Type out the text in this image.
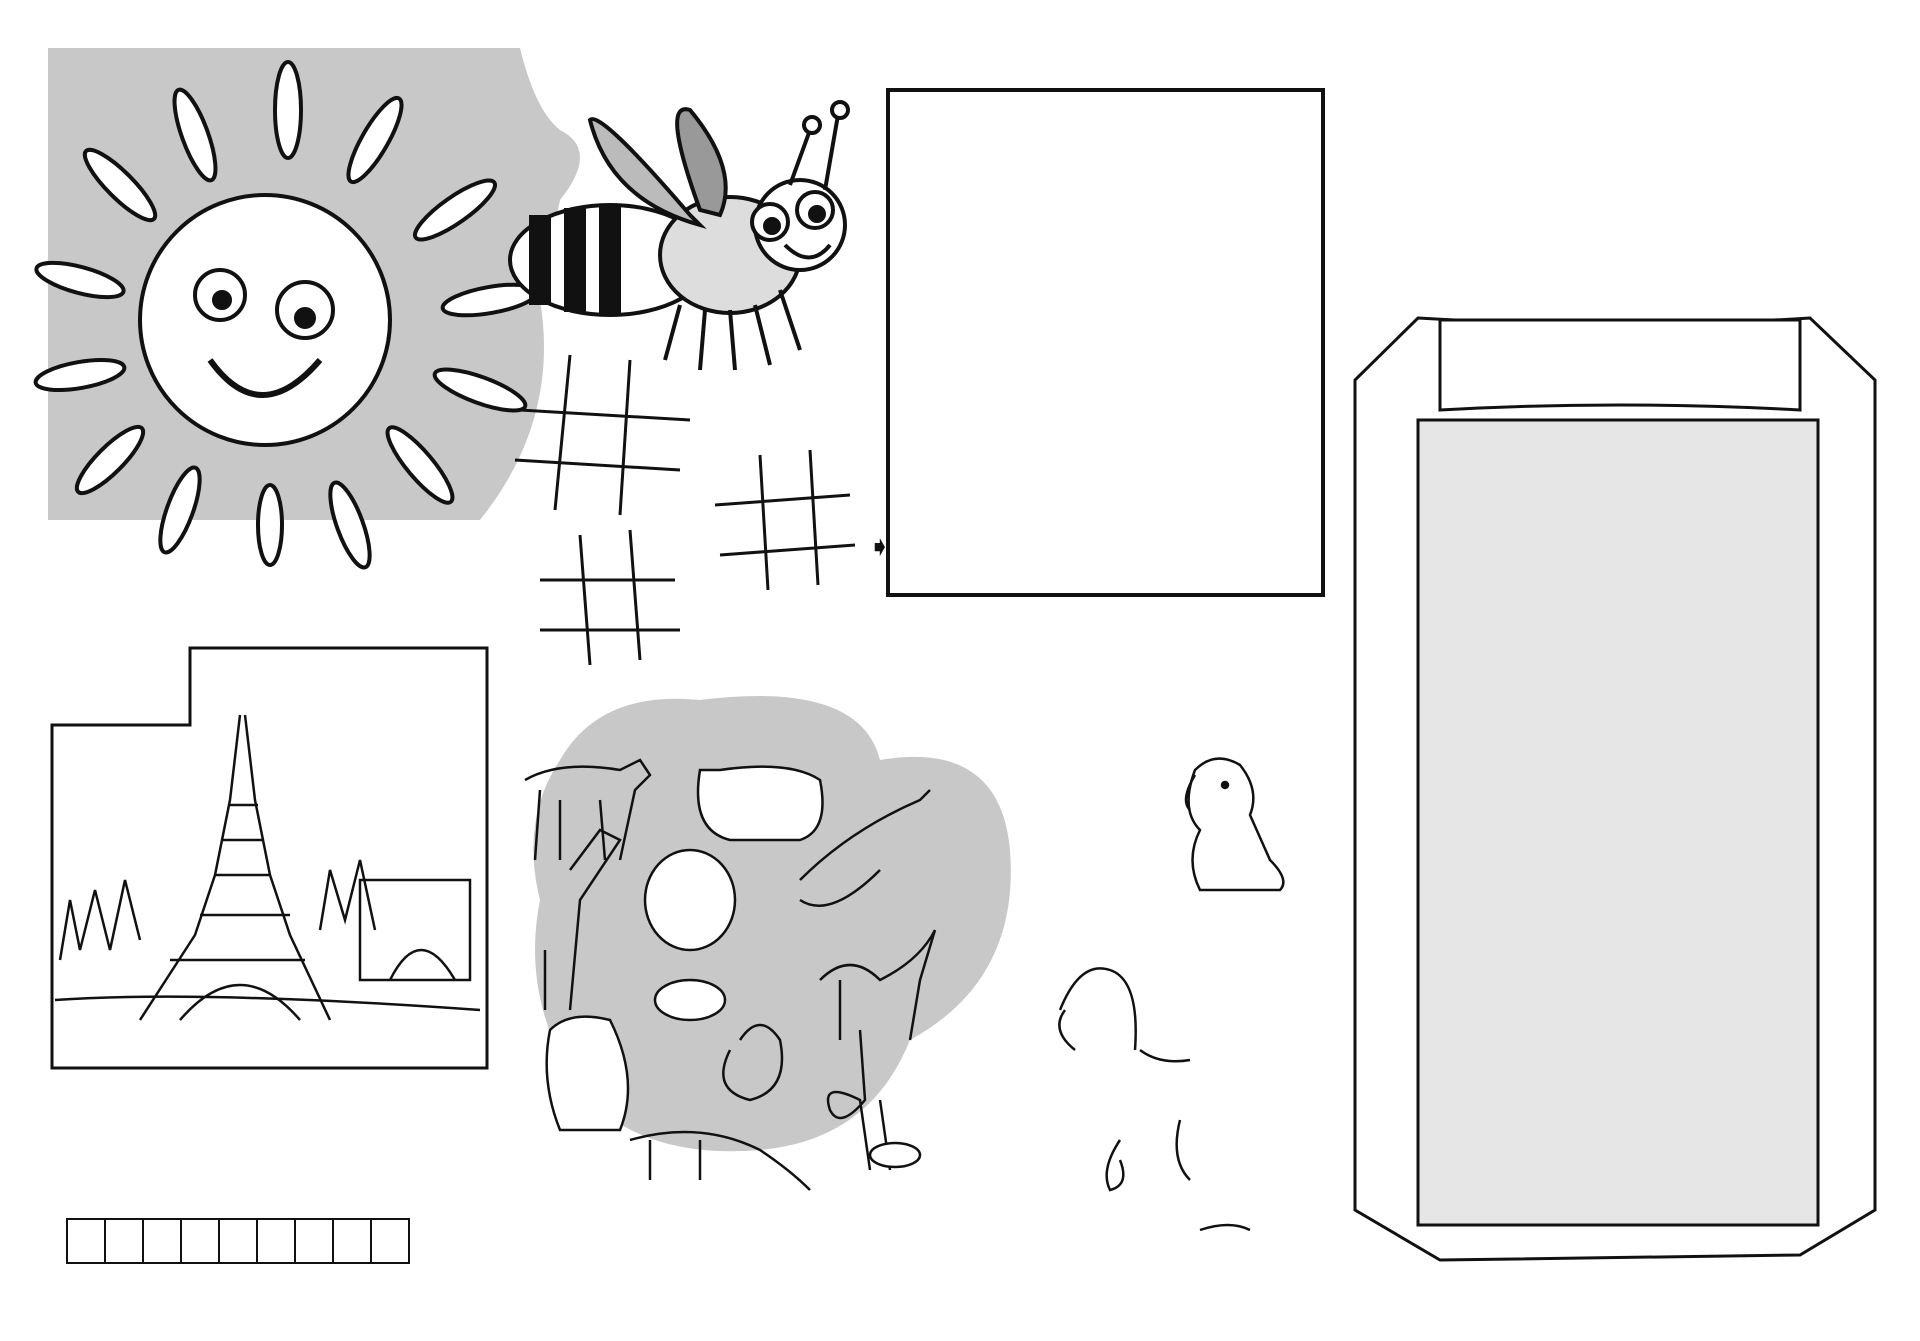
➧
